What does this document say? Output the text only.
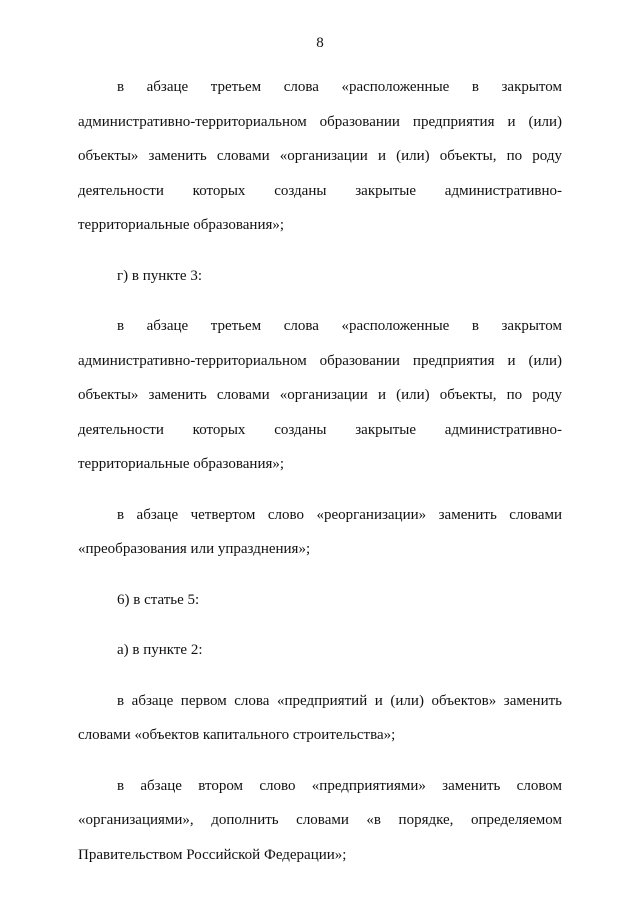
8
в абзаце третьем слова «расположенные в закрытом
административно-территориальном образовании предприятия и (или)
объекты» заменить словами «организации и (или) объекты, по роду
деятельности которых созданы закрытые административно-
территориальные образования»;
г) в пункте 3:
в абзаце третьем слова «расположенные в закрытом
административно-территориальном образовании предприятия и (или)
объекты» заменить словами «организации и (или) объекты, по роду
деятельности которых созданы закрытые административно-
территориальные образования»;
в абзаце четвертом слово «реорганизации» заменить словами
«преобразования или упразднения»;
6) в статье 5:
а) в пункте 2:
в абзаце первом слова «предприятий и (или) объектов» заменить
словами «объектов капитального строительства»;
в абзаце втором слово «предприятиями» заменить словом
«организациями», дополнить словами «в порядке, определяемом
Правительством Российской Федерации»;
